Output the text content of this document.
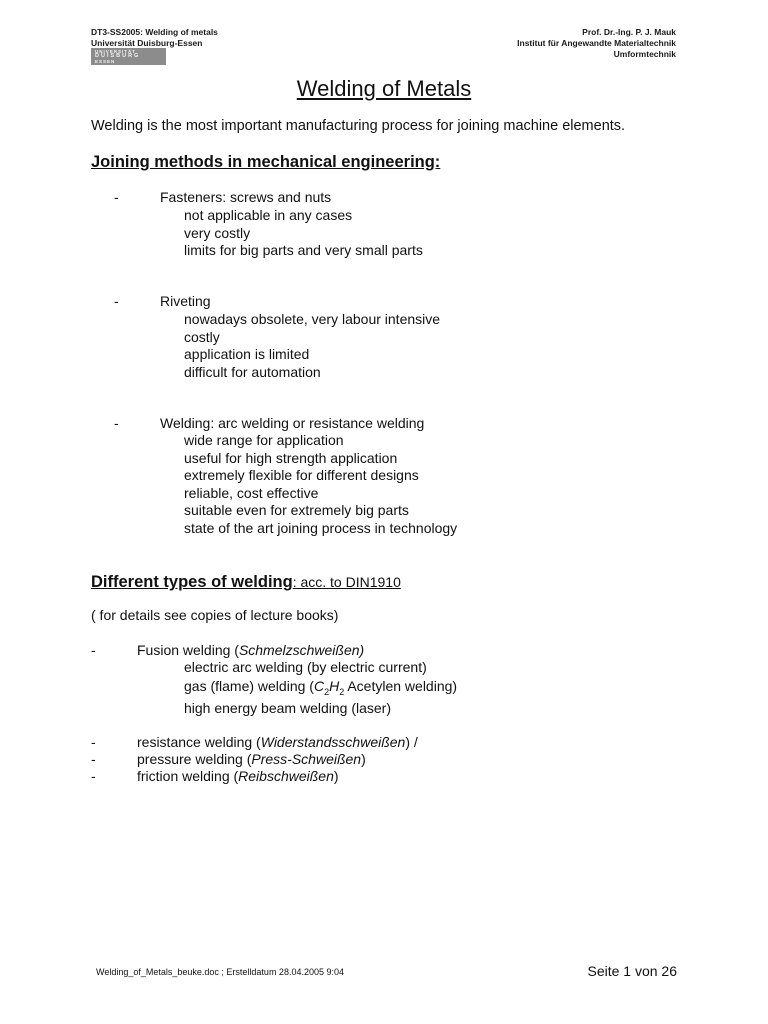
DT3-SS2005: Welding of metals
Universität Duisburg-Essen
Prof. Dr.-Ing. P. J. Mauk
Institut für Angewandte Materialtechnik
Umformtechnik
UNIVERSITÄT
DUISBURG
ESSEN
Welding of Metals
Welding is the most important manufacturing process for joining machine elements.
Joining methods in mechanical engineering:
-	Fasteners: screws and nuts
not applicable in any cases
very costly
limits for big parts and very small parts
-	Riveting
nowadays obsolete, very labour intensive
costly
application is limited
difficult for automation
-	Welding: arc welding or resistance welding
wide range for application
useful for high strength application
extremely flexible for different designs
reliable, cost effective
suitable even for extremely big parts
state of the art joining process in technology
Different types of welding: acc. to DIN1910
( for details see copies of lecture books)
-	Fusion welding (Schmelzschweißen)
electric arc welding (by electric current)
gas (flame) welding ($C_2H_2$ Acetylen welding)
high energy beam welding (laser)
-	resistance welding (Widerstandsschweißen) /
-	pressure welding (Press-Schweißen)
-	friction welding (Reibschweißen)
Welding_of_Metals_beuke.doc ; Erstelldatum 28.04.2005 9:04	Seite 1 von 26
